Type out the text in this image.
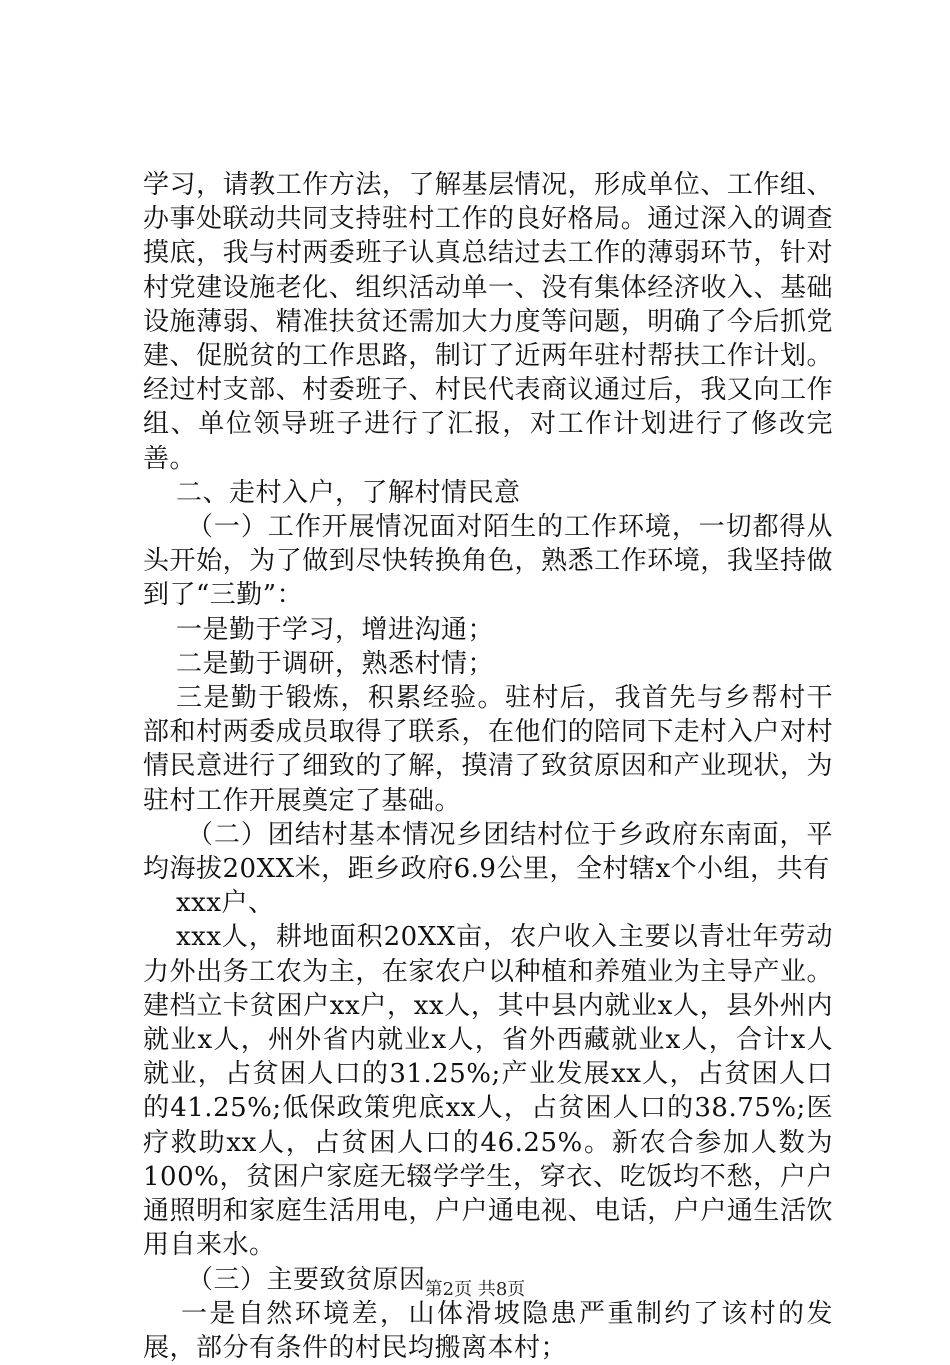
学习，请教工作方法，了解基层情况，形成单位、工作组、办事处联动共同支持驻村工作的良好格局。通过深入的调查摸底，我与村两委班子认真总结过去工作的薄弱环节，针对村党建设施老化、组织活动单一、没有集体经济收入、基础设施薄弱、精准扶贫还需加大力度等问题，明确了今后抓党建、促脱贫的工作思路，制订了近两年驻村帮扶工作计划。经过村支部、村委班子、村民代表商议通过后，我又向工作组、单位领导班子进行了汇报，对工作计划进行了修改完善。

二、走村入户，了解村情民意

（一）工作开展情况面对陌生的工作环境，一切都得从头开始，为了做到尽快转换角色，熟悉工作环境，我坚持做到了“三勤”：

一是勤于学习，增进沟通；

二是勤于调研，熟悉村情；

三是勤于锻炼，积累经验。驻村后，我首先与乡帮村干部和村两委成员取得了联系，在他们的陪同下走村入户对村情民意进行了细致的了解，摸清了致贫原因和产业现状，为驻村工作开展奠定了基础。

（二）团结村基本情况乡团结村位于乡政府东南面，平均海拔20XX米，距乡政府6.9公里，全村辖x个小组，共有

xxx户、

xxx人，耕地面积20XX亩，农户收入主要以青壮年劳动力外出务工农为主，在家农户以种植和养殖业为主导产业。建档立卡贫困户xx户，xx人，其中县内就业x人，县外州内就业x人，州外省内就业x人，省外西藏就业x人，合计x人就业，占贫困人口的31.25%;产业发展xx人，占贫困人口的41.25%;低保政策兜底xx人，占贫困人口的38.75%;医疗救助xx人，占贫困人口的46.25%。新农合参加人数为100%，贫困户家庭无辍学学生，穿衣、吃饭均不愁，户户通照明和家庭生活用电，户户通电视、电话，户户通生活饮用自来水。

（三）主要致贫原因

一是自然环境差，山体滑坡隐患严重制约了该村的发展，部分有条件的村民均搬离本村；

第2页 共8页
